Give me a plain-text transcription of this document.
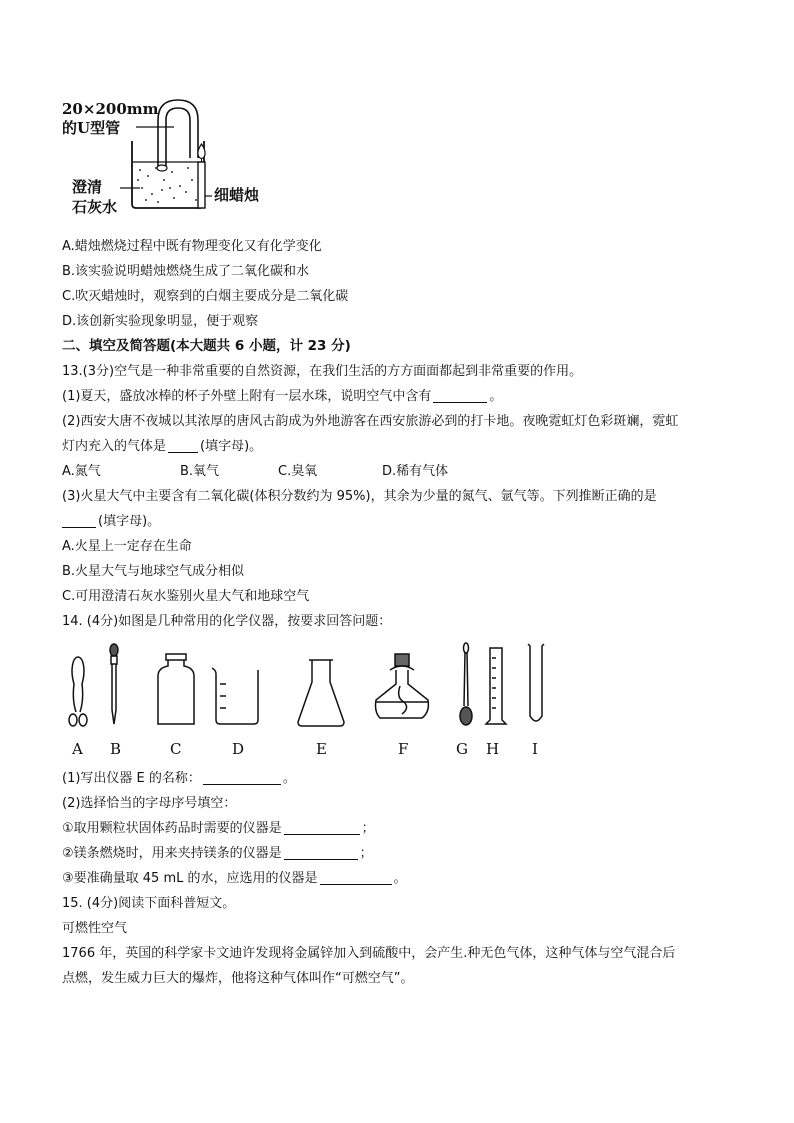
20×200mm
的U型管
澄清
石灰水
细蜡烛
A.蜡烛燃烧过程中既有物理变化又有化学变化
B.该实验说明蜡烛燃烧生成了二氧化碳和水
C.吹灭蜡烛时，观察到的白烟主要成分是二氧化碳
D.该创新实验现象明显，便于观察
二、填空及简答题(本大题共 6 小题，计 23 分)
13.(3分)空气是一种非常重要的自然资源，在我们生活的方方面面都起到非常重要的作用。
(1)夏天，盛放冰棒的杯子外壁上附有一层水珠，说明空气中含有	。
(2)西安大唐不夜城以其浓厚的唐风古韵成为外地游客在西安旅游必到的打卡地。夜晚霓虹灯色彩斑斓，霓虹
灯内充入的气体是	(填字母)。
A.氮气	B.氧气	C.臭氧	D.稀有气体
(3)火星大气中主要含有二氧化碳(体积分数约为 95%)，其余为少量的氮气、氩气等。下列推断正确的是
(填字母)。
A.火星上一定存在生命
B.火星大气与地球空气成分相似
C.可用澄清石灰水鉴别火星大气和地球空气
14. (4分)如图是几种常用的化学仪器，按要求回答问题：
A B	C	D	E	F	G H I
(1)写出仪器 E 的名称：	。
(2)选择恰当的字母序号填空：
①取用颗粒状固体药品时需要的仪器是	；
②镁条燃烧时，用来夹持镁条的仪器是	；
③要准确量取 45 mL 的水，应选用的仪器是	。
15. (4分)阅读下面科普短文。
可燃性空气
1766 年，英国的科学家卡文迪许发现将金属锌加入到硫酸中，会产生.种无色气体，这种气体与空气混合后
点燃，发生威力巨大的爆炸，他将这种气体叫作“可燃空气”。
